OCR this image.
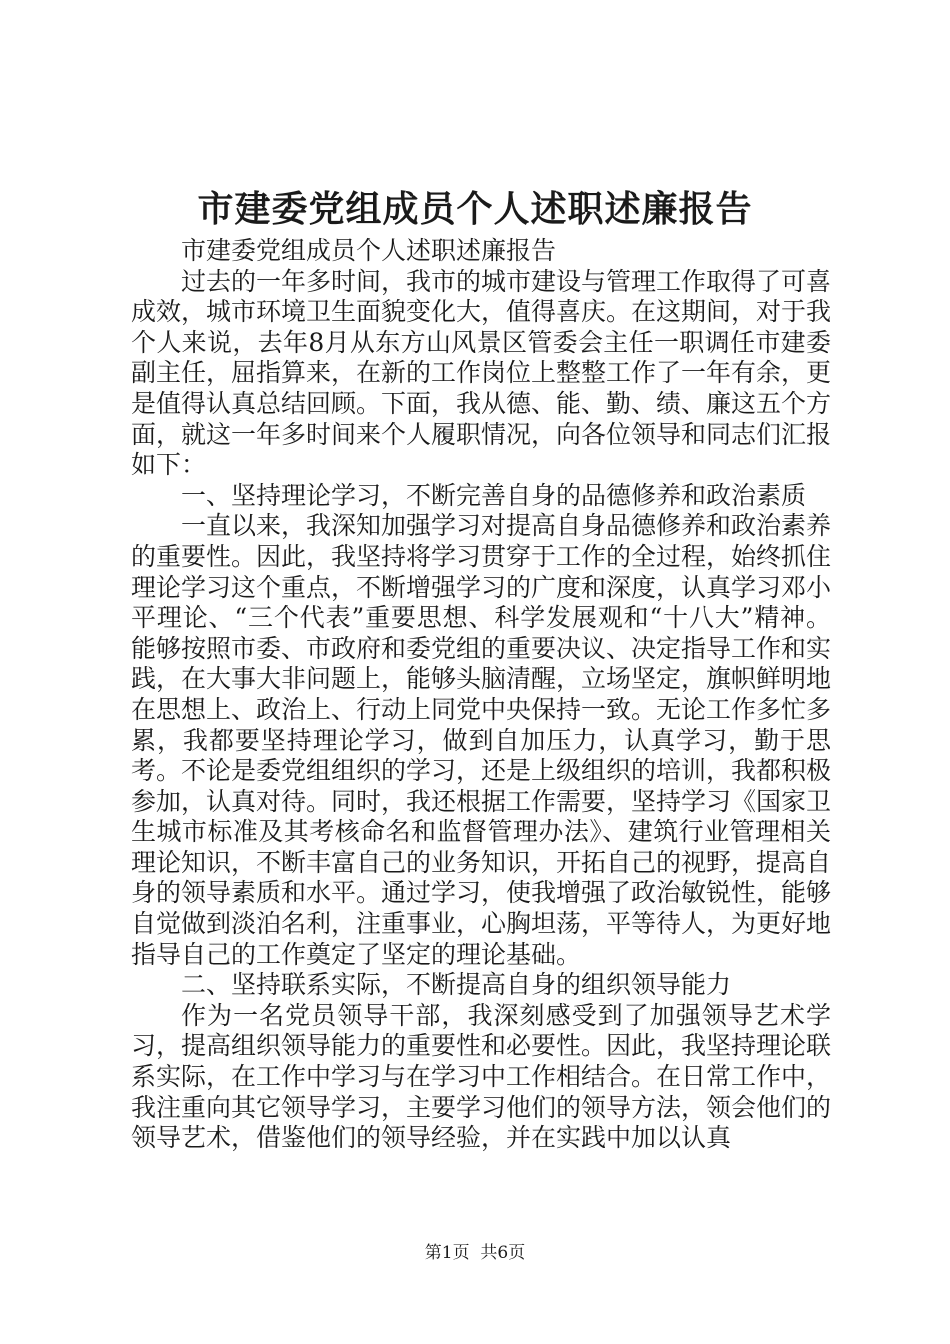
市建委党组成员个人述职述廉报告

市建委党组成员个人述职述廉报告

过去的一年多时间，我市的城市建设与管理工作取得了可喜成效，城市环境卫生面貌变化大，值得喜庆。在这期间，对于我个人来说，去年8月从东方山风景区管委会主任一职调任市建委副主任，屈指算来，在新的工作岗位上整整工作了一年有余，更是值得认真总结回顾。下面，我从德、能、勤、绩、廉这五个方面，就这一年多时间来个人履职情况，向各位领导和同志们汇报如下：

一、坚持理论学习，不断完善自身的品德修养和政治素质

一直以来，我深知加强学习对提高自身品德修养和政治素养的重要性。因此，我坚持将学习贯穿于工作的全过程，始终抓住理论学习这个重点，不断增强学习的广度和深度，认真学习邓小平理论、“三个代表”重要思想、科学发展观和“十八大”精神。能够按照市委、市政府和委党组的重要决议、决定指导工作和实践，在大事大非问题上，能够头脑清醒，立场坚定，旗帜鲜明地在思想上、政治上、行动上同党中央保持一致。无论工作多忙多累，我都要坚持理论学习，做到自加压力，认真学习，勤于思考。不论是委党组组织的学习，还是上级组织的培训，我都积极参加，认真对待。同时，我还根据工作需要，坚持学习《国家卫生城市标准及其考核命名和监督管理办法》、建筑行业管理相关理论知识，不断丰富自己的业务知识，开拓自己的视野，提高自身的领导素质和水平。通过学习，使我增强了政治敏锐性，能够自觉做到淡泊名利，注重事业，心胸坦荡，平等待人，为更好地指导自己的工作奠定了坚定的理论基础。

二、坚持联系实际，不断提高自身的组织领导能力

作为一名党员领导干部，我深刻感受到了加强领导艺术学习，提高组织领导能力的重要性和必要性。因此，我坚持理论联系实际，在工作中学习与在学习中工作相结合。在日常工作中，我注重向其它领导学习，主要学习他们的领导方法，领会他们的领导艺术，借鉴他们的领导经验，并在实践中加以认真

第1页 共6页
